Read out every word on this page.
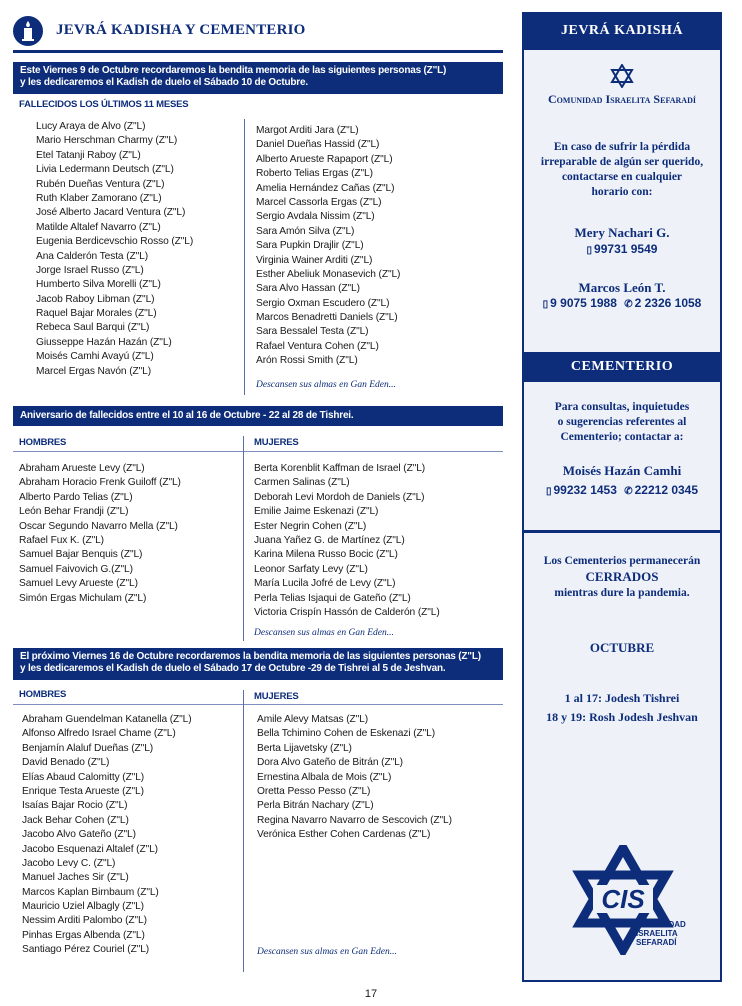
JEVRÁ KADISHA Y CEMENTERIO
Este Viernes 9 de Octubre recordaremos la bendita memoria de las siguientes personas (Z"L)
y les dedicaremos el Kadish de duelo el Sábado 10 de Octubre.
FALLECIDOS LOS ÚLTIMOS 11 MESES
Lucy Araya de Alvo (Z"L)
Mario Herschman Charmy (Z"L)
Etel Tatanji Raboy (Z"L)
Livia Ledermann Deutsch (Z"L)
Rubén Dueñas Ventura (Z"L)
Ruth Klaber Zamorano (Z"L)
José Alberto Jacard Ventura (Z"L)
Matilde Altalef Navarro (Z"L)
Eugenia Berdicevschio Rosso (Z"L)
Ana Calderón Testa (Z"L)
Jorge Israel Russo (Z"L)
Humberto Silva Morelli (Z"L)
Jacob Raboy Libman (Z"L)
Raquel Bajar Morales (Z"L)
Rebeca Saul Barqui (Z"L)
Giusseppe Hazán Hazán (Z"L)
Moisés Camhi Avayú (Z"L)
Marcel Ergas Navón (Z"L)
Margot Arditi Jara (Z"L)
Daniel Dueñas Hassid (Z"L)
Alberto Arueste Rapaport (Z"L)
Roberto Telias Ergas (Z"L)
Amelia Hernández Cañas (Z"L)
Marcel Cassorla Ergas (Z"L)
Sergio Avdala Nissim (Z"L)
Sara Amón Silva (Z"L)
Sara Pupkin Drajlir (Z"L)
Virginia Wainer Arditi (Z"L)
Esther Abeliuk Monasevich (Z"L)
Sara Alvo Hassan (Z"L)
Sergio Oxman Escudero (Z"L)
Marcos Benadretti Daniels (Z"L)
Sara Bessalel Testa (Z"L)
Rafael Ventura Cohen (Z"L)
Arón Rossi Smith (Z"L)
Descansen sus almas en Gan Eden...
Aniversario de fallecidos entre el 10 al 16 de Octubre - 22 al 28 de Tishrei.
HOMBRES	MUJERES
Abraham Arueste Levy (Z"L)
Abraham Horacio Frenk Guiloff (Z"L)
Alberto Pardo Telias (Z"L)
León Behar Frandji (Z"L)
Oscar Segundo Navarro Mella (Z"L)
Rafael Fux K. (Z"L)
Samuel Bajar Benquis (Z"L)
Samuel Faivovich G.(Z"L)
Samuel Levy Arueste (Z"L)
Simón Ergas Michulam (Z"L)
Berta Korenblit Kaffman de Israel (Z"L)
Carmen Salinas (Z"L)
Deborah Levi Mordoh de Daniels (Z"L)
Emilie Jaime Eskenazi (Z"L)
Ester Negrin Cohen (Z"L)
Juana Yañez G. de Martínez (Z"L)
Karina Milena Russo Bocic (Z"L)
Leonor Sarfaty Levy (Z"L)
María Lucila Jofré de Levy (Z"L)
Perla Telias Isjaqui de Gateño (Z"L)
Victoria Crispín Hassón de Calderón (Z"L)
Descansen sus almas en Gan Eden...
El próximo Viernes 16 de Octubre recordaremos la bendita memoria de las siguientes personas (Z"L)
y les dedicaremos el Kadish de duelo el Sábado 17 de Octubre -29 de Tishrei al 5 de Jeshvan.
HOMBRES	MUJERES
Abraham Guendelman Katanella (Z"L)
Alfonso Alfredo Israel Chame (Z"L)
Benjamín Alaluf Dueñas (Z"L)
David Benado (Z"L)
Elías Abaud Calomitty (Z"L)
Enrique Testa Arueste (Z"L)
Isaías Bajar Rocio (Z"L)
Jack Behar Cohen (Z"L)
Jacobo Alvo Gateño (Z"L)
Jacobo Esquenazi Altalef (Z"L)
Jacobo Levy C. (Z"L)
Manuel Jaches Sir (Z"L)
Marcos Kaplan Birnbaum (Z"L)
Mauricio Uziel Albagly (Z"L)
Nessim Arditi Palombo (Z"L)
Pinhas Ergas Albenda (Z"L)
Santiago Pérez Couriel (Z"L)
Amile Alevy Matsas (Z"L)
Bella Tchimino Cohen de Eskenazi (Z"L)
Berta Lijavetsky (Z"L)
Dora Alvo Gateño de Bitrán (Z"L)
Ernestina Albala de Mois (Z"L)
Oretta Pesso Pesso (Z"L)
Perla Bitrán Nachary (Z"L)
Regina Navarro Navarro de Sescovich (Z"L)
Verónica Esther Cohen Cardenas (Z"L)
Descansen sus almas en Gan Eden...
JEVRÁ KADISHÁ
Comunidad Israelita Sefaradí
En caso de sufrir la pérdida
irreparable de algún ser querido,
contactarse en cualquier
horario con:
Mery Nachari G.
▯ 99731 9549
Marcos León T.
▯ 9 9075 1988 ✆ 2 2326 1058
CEMENTERIO
Para consultas, inquietudes
o sugerencias referentes al
Cementerio; contactar a:
Moisés Hazán Camhi
▯ 99232 1453 ✆ 22212 0345
Los Cementerios permanecerán
CERRADOS
mientras dure la pandemia.
OCTUBRE
1 al 17: Jodesh Tishrei
18 y 19: Rosh Jodesh Jeshvan
CIS
COMUNIDAD
ISRAELITA
SEFARADÍ
17
